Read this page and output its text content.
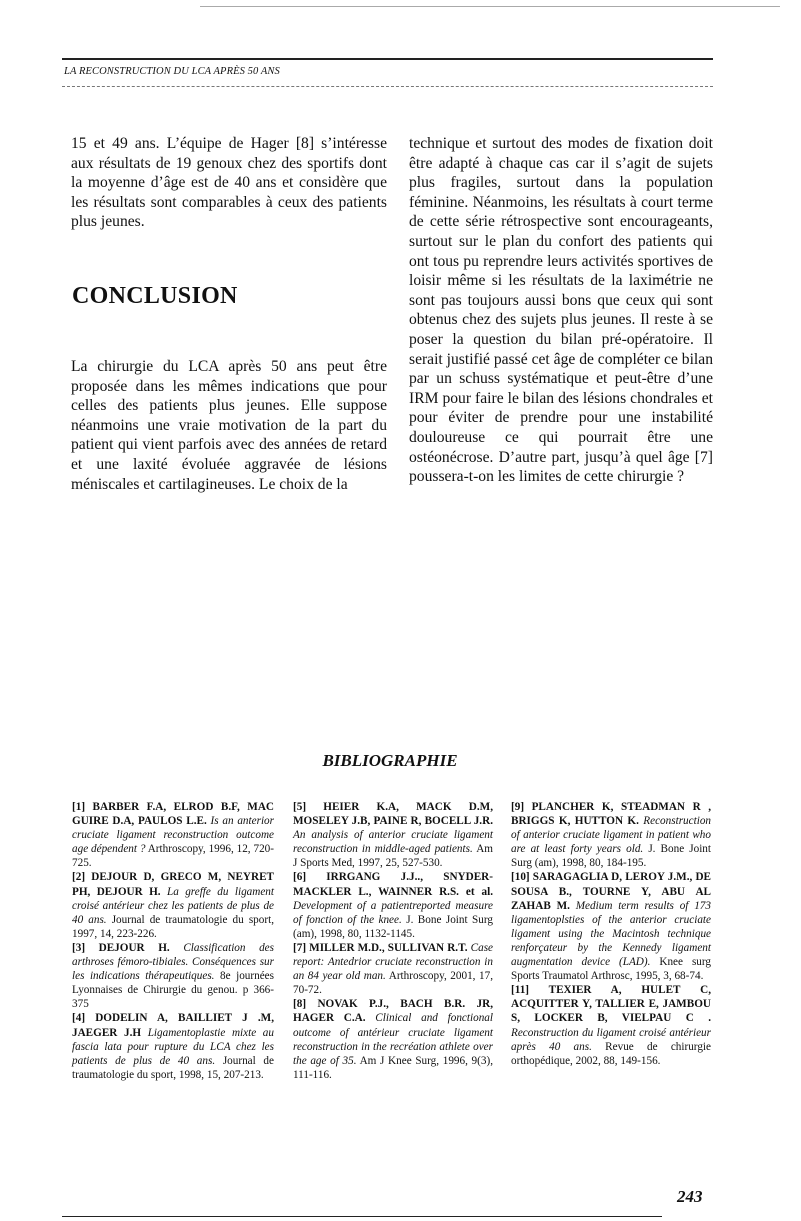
LA RECONSTRUCTION DU LCA APRÈS 50 ANS

15 et 49 ans. L’équipe de Hager [8] s’intéresse aux résultats de 19 genoux chez des sportifs dont la moyenne d’âge est de 40 ans et considère que les résultats sont comparables à ceux des patients plus jeunes.

CONCLUSION

La chirurgie du LCA après 50 ans peut être proposée dans les mêmes indications que pour celles des patients plus jeunes. Elle suppose néanmoins une vraie motivation de la part du patient qui vient parfois avec des années de retard et une laxité évoluée aggravée de lésions méniscales et cartilagineuses. Le choix de la

technique et surtout des modes de fixation doit être adapté à chaque cas car il s’agit de sujets plus fragiles, surtout dans la population féminine. Néanmoins, les résultats à court terme de cette série rétrospective sont encourageants, surtout sur le plan du confort des patients qui ont tous pu reprendre leurs activités sportives de loisir même si les résultats de la laximétrie ne sont pas toujours aussi bons que ceux qui sont obtenus chez des sujets plus jeunes. Il reste à se poser la question du bilan pré-opératoire. Il serait justifié passé cet âge de compléter ce bilan par un schuss systématique et peut-être d’une IRM pour faire le bilan des lésions chondrales et pour éviter de prendre pour une instabilité douloureuse ce qui pourrait être une ostéonécrose. D’autre part, jusqu’à quel âge [7] poussera-t-on les limites de cette chirurgie ?

BIBLIOGRAPHIE

[1] BARBER F.A, ELROD B.F, MAC GUIRE D.A, PAULOS L.E. Is an anterior cruciate ligament reconstruction outcome age dépendent ? Arthroscopy, 1996, 12, 720-725.

[2] DEJOUR D, GRECO M, NEYRET PH, DEJOUR H. La greffe du ligament croisé antérieur chez les patients de plus de 40 ans. Journal de traumatologie du sport, 1997, 14, 223-226.

[3] DEJOUR H. Classification des arthroses fémoro-tibiales. Conséquences sur les indications thérapeutiques. 8e journées Lyonnaises de Chirurgie du genou. p 366-375

[4] DODELIN A, BAILLIET J .M, JAEGER J.H Ligamentoplastie mixte au fascia lata pour rupture du LCA chez les patients de plus de 40 ans. Journal de traumatologie du sport, 1998, 15, 207-213.

[5] HEIER K.A, MACK D.M, MOSELEY J.B, PAINE R, BOCELL J.R. An analysis of anterior cruciate ligament reconstruction in middle-aged patients. Am J Sports Med, 1997, 25, 527-530.

[6] IRRGANG J.J.., SNYDER-MACKLER L., WAINNER R.S. et al. Development of a patientreported measure of fonction of the knee. J. Bone Joint Surg (am), 1998, 80, 1132-1145.

[7] MILLER M.D., SULLIVAN R.T. Case report: Antedrior cruciate reconstruction in an 84 year old man. Arthroscopy, 2001, 17, 70-72.

[8] NOVAK P.J., BACH B.R. JR, HAGER C.A. Clinical and fonctional outcome of antérieur cruciate ligament reconstruction in the recréation athlete over the age of 35. Am J Knee Surg, 1996, 9(3), 111-116.

[9] PLANCHER K, STEADMAN R , BRIGGS K, HUTTON K. Reconstruction of anterior cruciate ligament in patient who are at least forty years old. J. Bone Joint Surg (am), 1998, 80, 184-195.

[10] SARAGAGLIA D, LEROY J.M., DE SOUSA B., TOURNE Y, ABU AL ZAHAB M. Medium term results of 173 ligamentoplsties of the anterior cruciate ligament using the Macintosh technique renforçateur by the Kennedy ligament augmentation device (LAD). Knee surg Sports Traumatol Arthrosc, 1995, 3, 68-74.

[11] TEXIER A, HULET C, ACQUITTER Y, TALLIER E, JAMBOU S, LOCKER B, VIELPAU C . Reconstruction du ligament croisé antérieur après 40 ans. Revue de chirurgie orthopédique, 2002, 88, 149-156.

243
